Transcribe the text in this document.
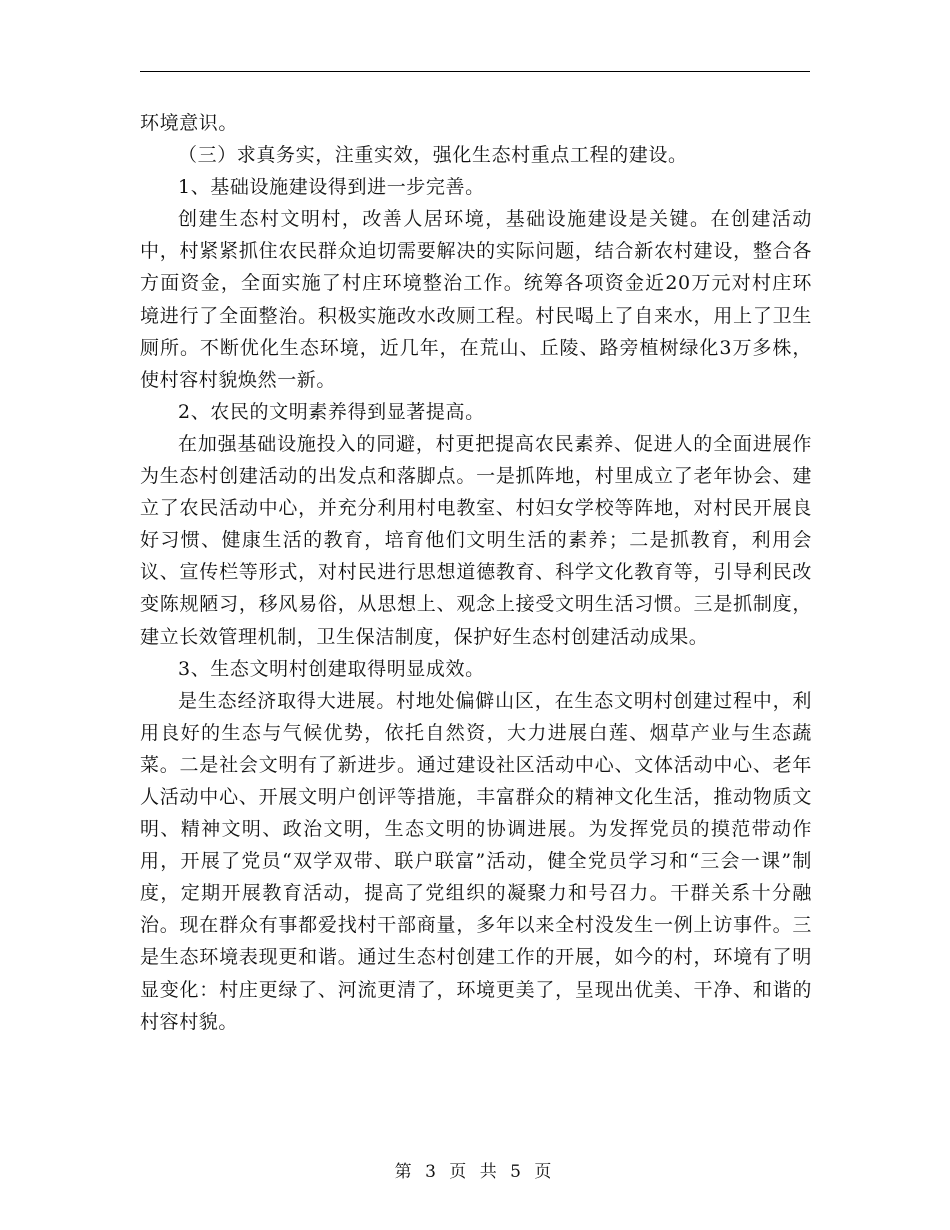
环境意识。

（三）求真务实，注重实效，强化生态村重点工程的建设。

1、基础设施建设得到进一步完善。

创建生态村文明村，改善人居环境，基础设施建设是关键。在创建活动中，村紧紧抓住农民群众迫切需要解决的实际问题，结合新农村建设，整合各方面资金，全面实施了村庄环境整治工作。统筹各项资金近20万元对村庄环境进行了全面整治。积极实施改水改厕工程。村民喝上了自来水，用上了卫生厕所。不断优化生态环境，近几年，在荒山、丘陵、路旁植树绿化3万多株，使村容村貌焕然一新。

2、农民的文明素养得到显著提高。

在加强基础设施投入的同避，村更把提高农民素养、促进人的全面进展作为生态村创建活动的出发点和落脚点。一是抓阵地，村里成立了老年协会、建立了农民活动中心，并充分利用村电教室、村妇女学校等阵地，对村民开展良好习惯、健康生活的教育，培育他们文明生活的素养；二是抓教育，利用会议、宣传栏等形式，对村民进行思想道德教育、科学文化教育等，引导利民改变陈规陋习，移风易俗，从思想上、观念上接受文明生活习惯。三是抓制度，建立长效管理机制，卫生保洁制度，保护好生态村创建活动成果。

3、生态文明村创建取得明显成效。

是生态经济取得大进展。村地处偏僻山区，在生态文明村创建过程中，利用良好的生态与气候优势，依托自然资，大力进展白莲、烟草产业与生态蔬菜。二是社会文明有了新进步。通过建设社区活动中心、文体活动中心、老年人活动中心、开展文明户创评等措施，丰富群众的精神文化生活，推动物质文明、精神文明、政治文明，生态文明的协调进展。为发挥党员的摸范带动作用，开展了党员“双学双带、联户联富”活动，健全党员学习和“三会一课”制度，定期开展教育活动，提高了党组织的凝聚力和号召力。干群关系十分融治。现在群众有事都爱找村干部商量，多年以来全村没发生一例上访事件。三是生态环境表现更和谐。通过生态村创建工作的开展，如今的村，环境有了明显变化：村庄更绿了、河流更清了，环境更美了，呈现出优美、干净、和谐的村容村貌。

第 3 页 共 5 页
